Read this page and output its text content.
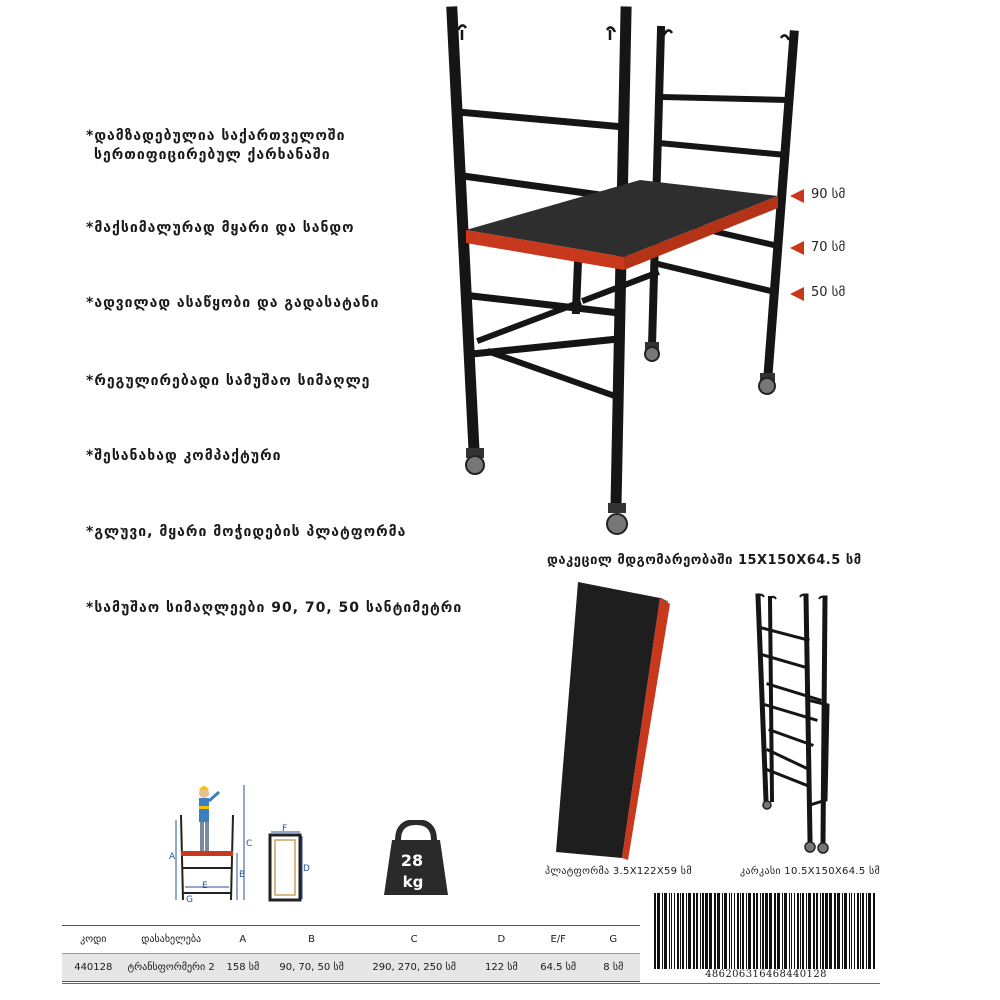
*დამზადებულია საქართველოში
სერთიფიცირებულ ქარხანაში
*მაქსიმალურად მყარი და სანდო
*ადვილად ასაწყობი და გადასატანი
*რეგულირებადი სამუშაო სიმაღლე
*შესანახად კომპაქტური
*გლუვი, მყარი მოჭიდების პლატფორმა
*სამუშაო სიმაღლეები 90, 70, 50 სანტიმეტრი
90 სმ
70 სმ
50 სმ
დაკეცილ მდგომარეობაში 15X150X64.5 სმ
პლატფორმა 3.5X122X59 სმ	კარკასი 10.5X150X64.5 სმ
A
B
C
E
G
F
D	28
kg
კოდი	დასახელება	A	B	C	D	E/F	G
440128	ტრანსფორმერი 2	158 სმ	90, 70, 50 სმ	290, 270, 250 სმ	122 სმ	64.5 სმ	8 სმ
4862063164684401​28
